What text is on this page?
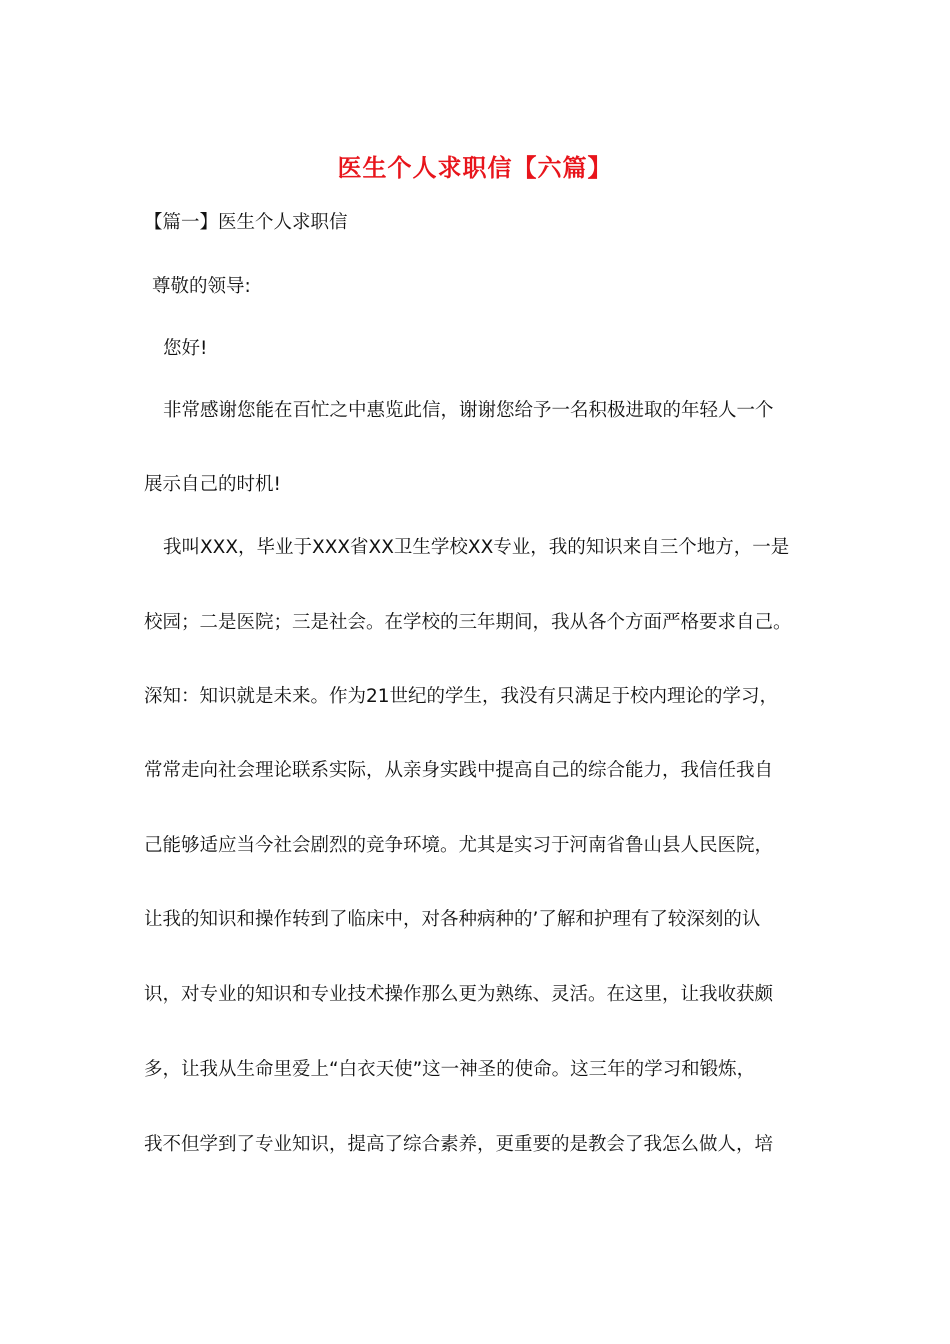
医生个人求职信【六篇】
【篇一】医生个人求职信
尊敬的领导:
您好!
非常感谢您能在百忙之中惠览此信，谢谢您给予一名积极进取的年轻人一个
展示自己的时机!
我叫XXX，毕业于XXX省XX卫生学校XX专业，我的知识来自三个地方，一是
校园；二是医院；三是社会。在学校的三年期间，我从各个方面严格要求自己。
深知：知识就是未来。作为21世纪的学生，我没有只满足于校内理论的学习，
常常走向社会理论联系实际，从亲身实践中提高自己的综合能力，我信任我自
己能够适应当今社会剧烈的竞争环境。尤其是实习于河南省鲁山县人民医院，
让我的知识和操作转到了临床中，对各种病种的’了解和护理有了较深刻的认
识，对专业的知识和专业技术操作那么更为熟练、灵活。在这里，让我收获颇
多，让我从生命里爱上“白衣天使”这一神圣的使命。这三年的学习和锻炼，
我不但学到了专业知识，提高了综合素养，更重要的是教会了我怎么做人，培
